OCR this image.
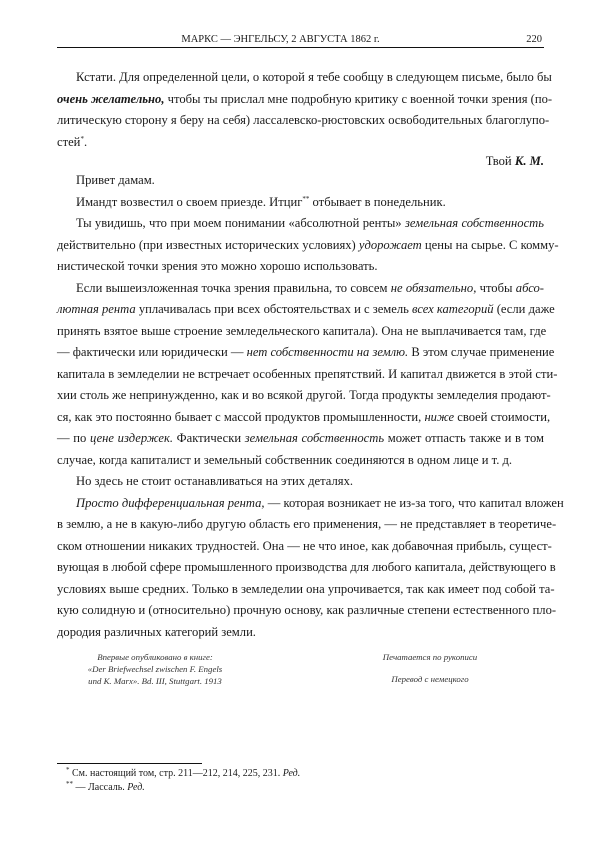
МАРКС — ЭНГЕЛЬСУ, 2 АВГУСТА 1862 г.	220
Кстати. Для определенной цели, о которой я тебе сообщу в следующем письме, было бы
очень желательно, чтобы ты прислал мне подробную критику с военной точки зрения (по-
литическую сторону я беру на себя) лассалевско-рюстовских освободительных благоглупо-
стей*.
Твой К. М.
Привет дамам.
Имандт возвестил о своем приезде. Итциг** отбывает в понедельник.
Ты увидишь, что при моем понимании «абсолютной ренты» земельная собственность
действительно (при известных исторических условиях) удорожает цены на сырье. С комму-
нистической точки зрения это можно хорошо использовать.
Если вышеизложенная точка зрения правильна, то совсем не обязательно, чтобы абсо-
лютная рента уплачивалась при всех обстоятельствах и с земель всех категорий (если даже
принять взятое выше строение земледельческого капитала). Она не выплачивается там, где
— фактически или юридически — нет собственности на землю. В этом случае применение
капитала в земледелии не встречает особенных препятствий. И капитал движется в этой сти-
хии столь же непринужденно, как и во всякой другой. Тогда продукты земледелия продают-
ся, как это постоянно бывает с массой продуктов промышленности, ниже своей стоимости,
— по цене издержек. Фактически земельная собственность может отпасть также и в том
случае, когда капиталист и земельный собственник соединяются в одном лице и т. д.
Но здесь не стоит останавливаться на этих деталях.
Просто дифференциальная рента, — которая возникает не из-за того, что капитал вложен
в землю, а не в какую-либо другую область его применения, — не представляет в теоретиче-
ском отношении никаких трудностей. Она — не что иное, как добавочная прибыль, сущест-
вующая в любой сфере промышленного производства для любого капитала, действующего в
условиях выше средних. Только в земледелии она упрочивается, так как имеет под собой та-
кую солидную и (относительно) прочную основу, как различные степени естественного пло-
дородия различных категорий земли.
Впервые опубликовано в книге:
«Der Briefwechsel zwischen F. Engels
und K. Marx». Bd. III, Stuttgart. 1913
Печатается по рукописи
Перевод с немецкого
* См. настоящий том, стр. 211—212, 214, 225, 231. Ред.
** — Лассаль. Ред.
